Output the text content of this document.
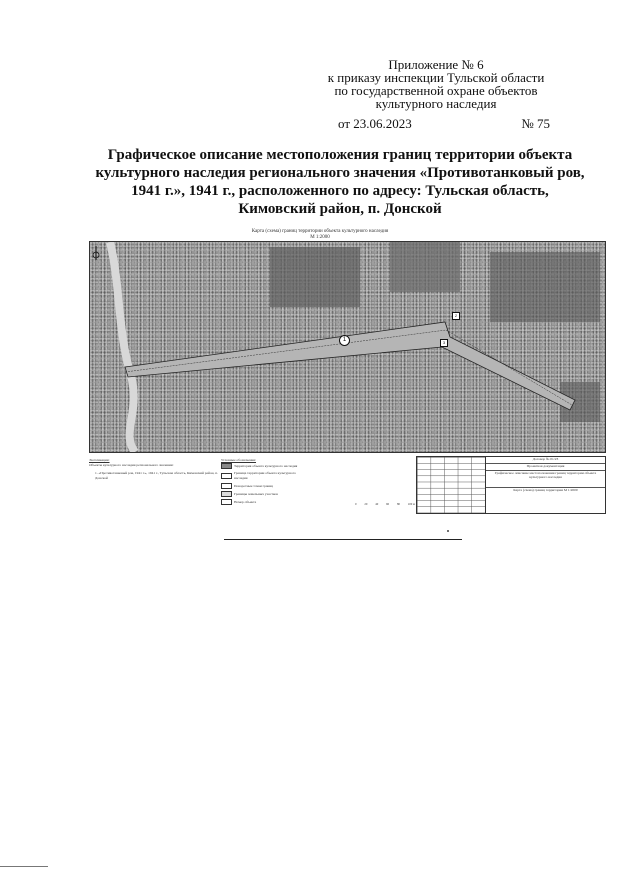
Приложение № 6
к приказу инспекции Тульской области
по государственной охране объектов
культурного наследия
от 23.06.2023	№ 75
Графическое описание местоположения границ территории объекта
культурного наследия регионального значения «Противотанковый ров,
1941 г.», 1941 г., расположенного по адресу: Тульская область,
Кимовский район, п. Донской
Карта (схема) границ территории объекта культурного наследия
М 1:2000
1
2
3
Экспликация:
Объекты культурного наследия регионального значения:
1. «Противотанковый ров, 1941 г.», 1941 г., Тульская область, Кимовский район, п. Донской
Условные обозначения:
Территория объекта культурного наследия
Граница территории объекта культурного наследия
Поворотные точки границ
Границы земельных участков
Номер объекта
0	20	40	60	80	100 м
Договор № 01/23
Проектная документация
Графическое описание местоположения границ территории объекта культурного наследия
Карта (схема) границ территории М 1:2000
